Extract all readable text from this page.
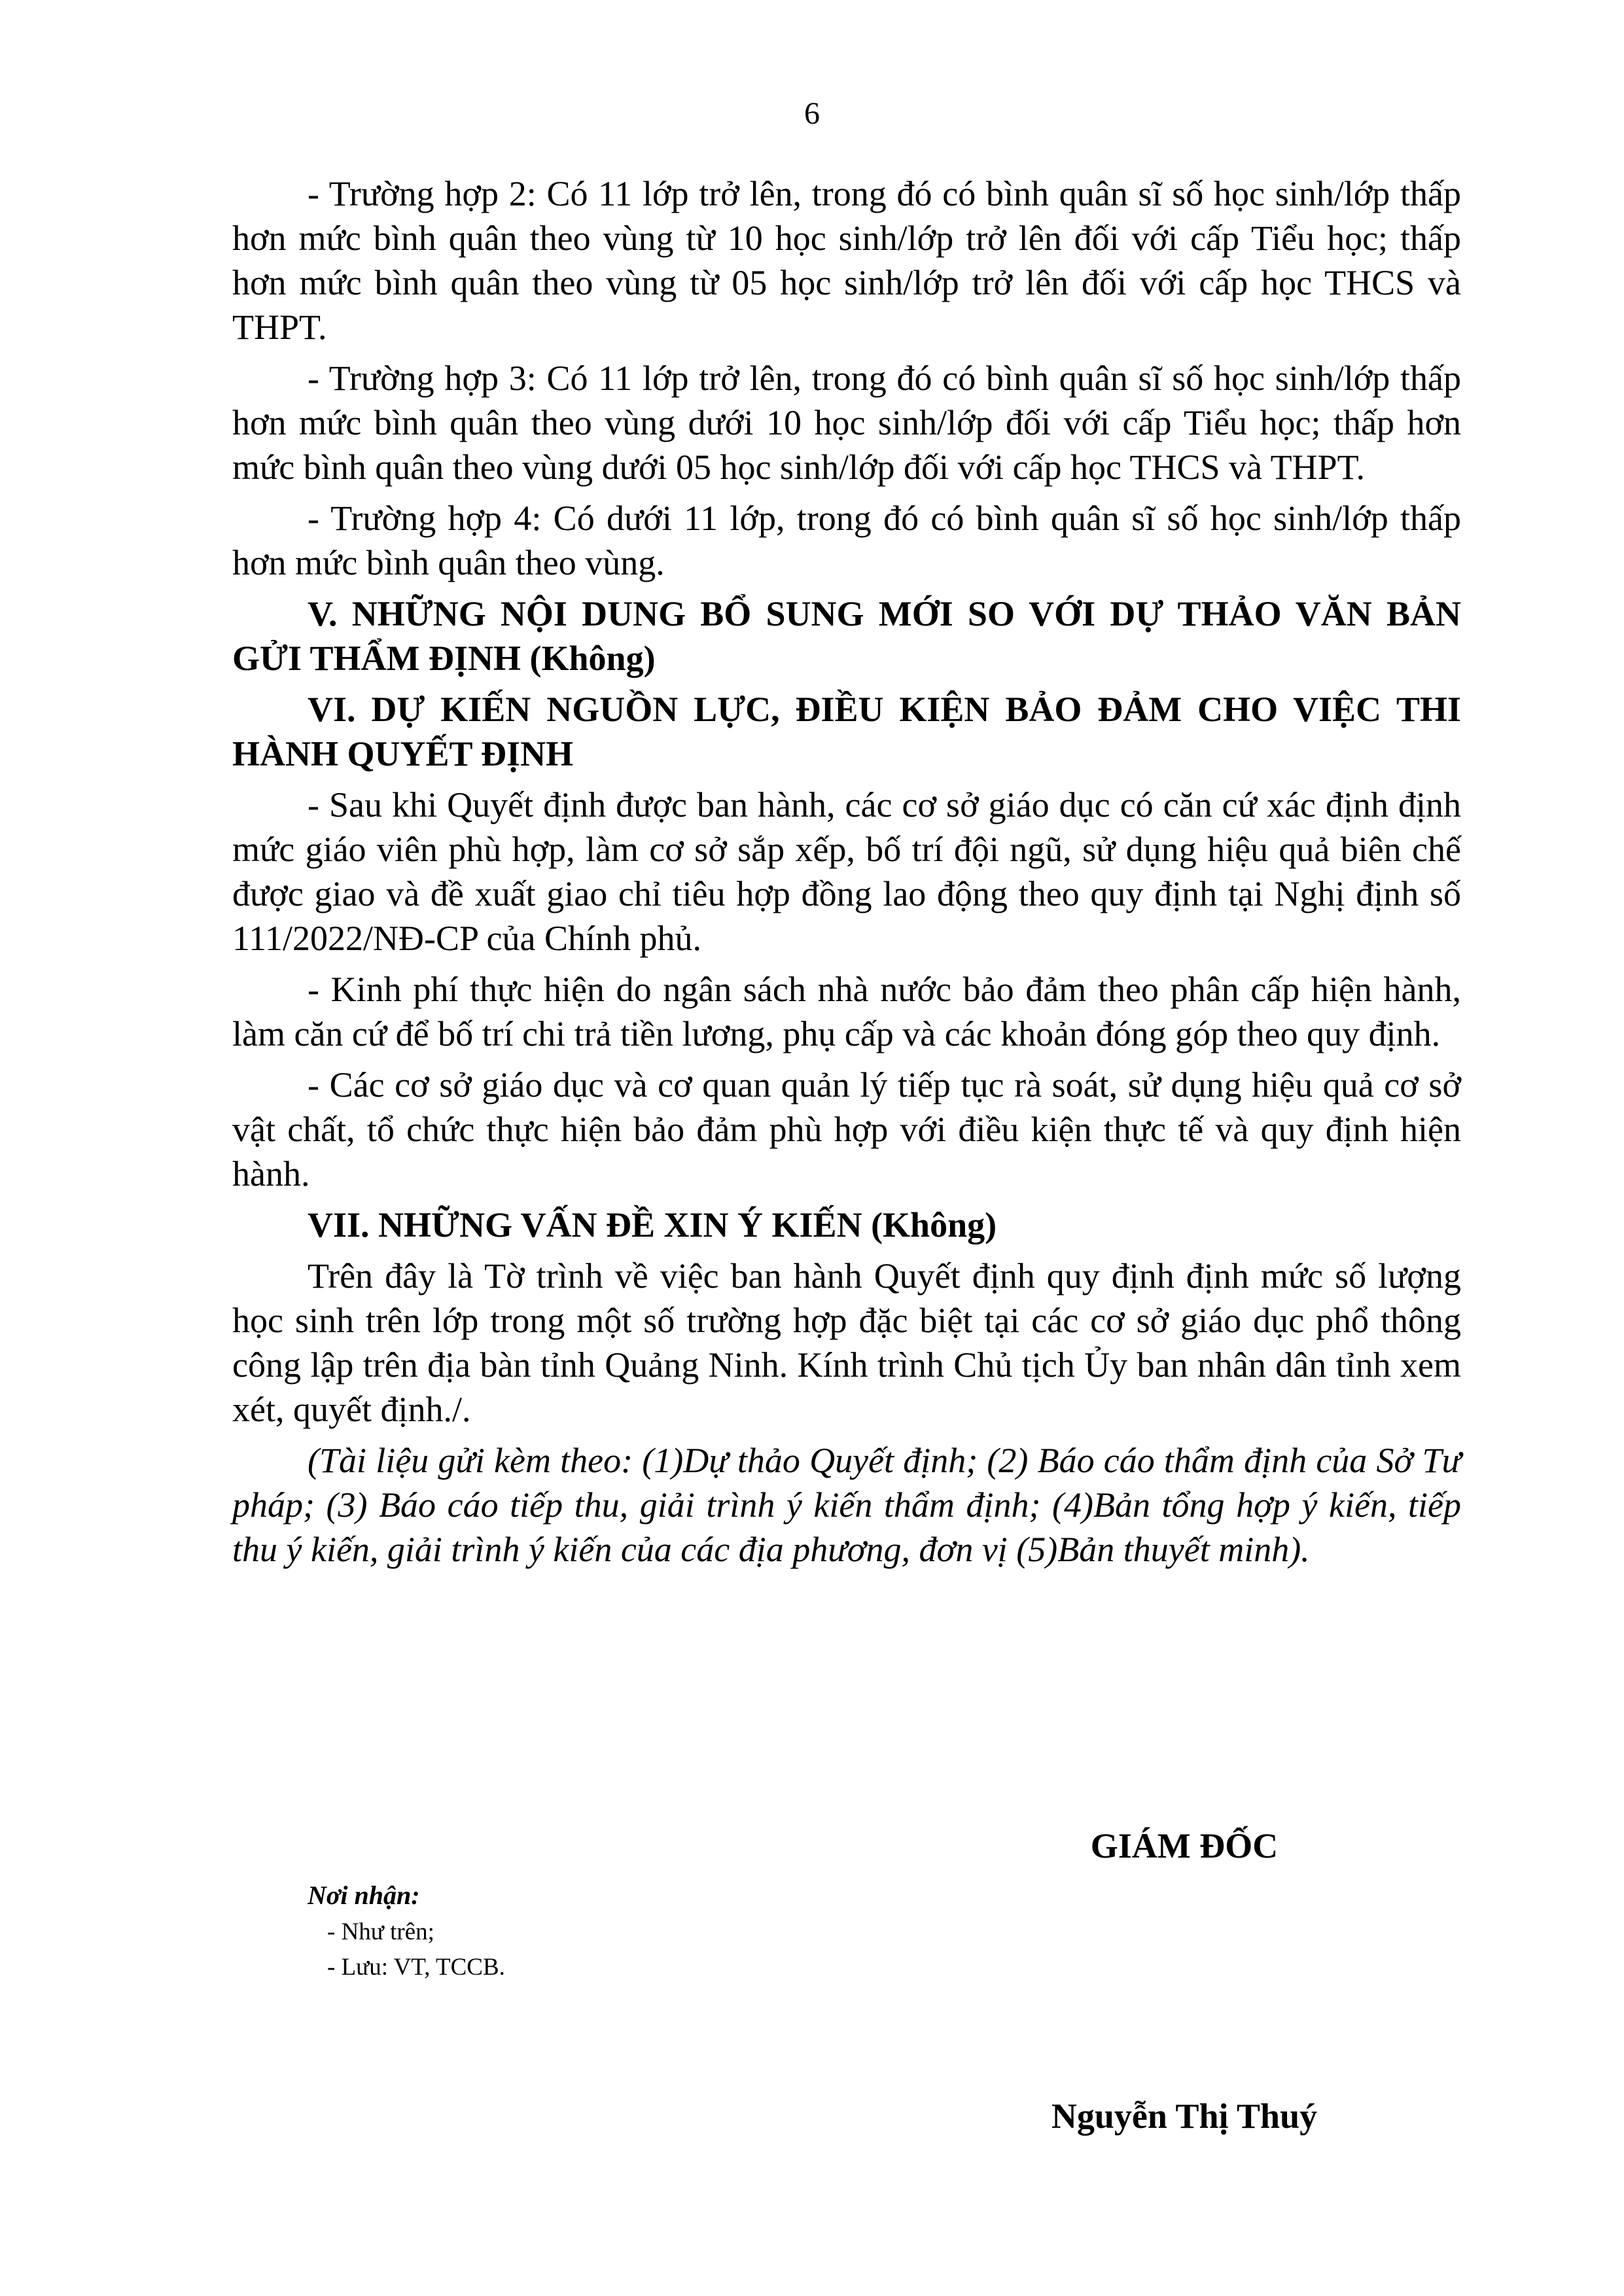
6

- Trường hợp 2: Có 11 lớp trở lên, trong đó có bình quân sĩ số học sinh/lớp thấp hơn mức bình quân theo vùng từ 10 học sinh/lớp trở lên đối với cấp Tiểu học; thấp hơn mức bình quân theo vùng từ 05 học sinh/lớp trở lên đối với cấp học THCS và THPT.

- Trường hợp 3: Có 11 lớp trở lên, trong đó có bình quân sĩ số học sinh/lớp thấp hơn mức bình quân theo vùng dưới 10 học sinh/lớp đối với cấp Tiểu học; thấp hơn mức bình quân theo vùng dưới 05 học sinh/lớp đối với cấp học THCS và THPT.

- Trường hợp 4: Có dưới 11 lớp, trong đó có bình quân sĩ số học sinh/lớp thấp hơn mức bình quân theo vùng.

V. NHỮNG NỘI DUNG BỔ SUNG MỚI SO VỚI DỰ THẢO VĂN BẢN GỬI THẨM ĐỊNH (Không)

VI. DỰ KIẾN NGUỒN LỰC, ĐIỀU KIỆN BẢO ĐẢM CHO VIỆC THI HÀNH QUYẾT ĐỊNH

- Sau khi Quyết định được ban hành, các cơ sở giáo dục có căn cứ xác định định mức giáo viên phù hợp, làm cơ sở sắp xếp, bố trí đội ngũ, sử dụng hiệu quả biên chế được giao và đề xuất giao chỉ tiêu hợp đồng lao động theo quy định tại Nghị định số 111/2022/NĐ-CP của Chính phủ.

- Kinh phí thực hiện do ngân sách nhà nước bảo đảm theo phân cấp hiện hành, làm căn cứ để bố trí chi trả tiền lương, phụ cấp và các khoản đóng góp theo quy định.

- Các cơ sở giáo dục và cơ quan quản lý tiếp tục rà soát, sử dụng hiệu quả cơ sở vật chất, tổ chức thực hiện bảo đảm phù hợp với điều kiện thực tế và quy định hiện hành.

VII. NHỮNG VẤN ĐỀ XIN Ý KIẾN (Không)

Trên đây là Tờ trình về việc ban hành Quyết định quy định định mức số lượng học sinh trên lớp trong một số trường hợp đặc biệt tại các cơ sở giáo dục phổ thông công lập trên địa bàn tỉnh Quảng Ninh. Kính trình Chủ tịch Ủy ban nhân dân tỉnh xem xét, quyết định./.

(Tài liệu gửi kèm theo: (1)Dự thảo Quyết định; (2) Báo cáo thẩm định của Sở Tư pháp; (3) Báo cáo tiếp thu, giải trình ý kiến thẩm định; (4)Bản tổng hợp ý kiến, tiếp thu ý kiến, giải trình ý kiến của các địa phương, đơn vị (5)Bản thuyết minh).

GIÁM ĐỐC

Nơi nhận:

- Như trên;

- Lưu: VT, TCCB.

Nguyễn Thị Thuý
